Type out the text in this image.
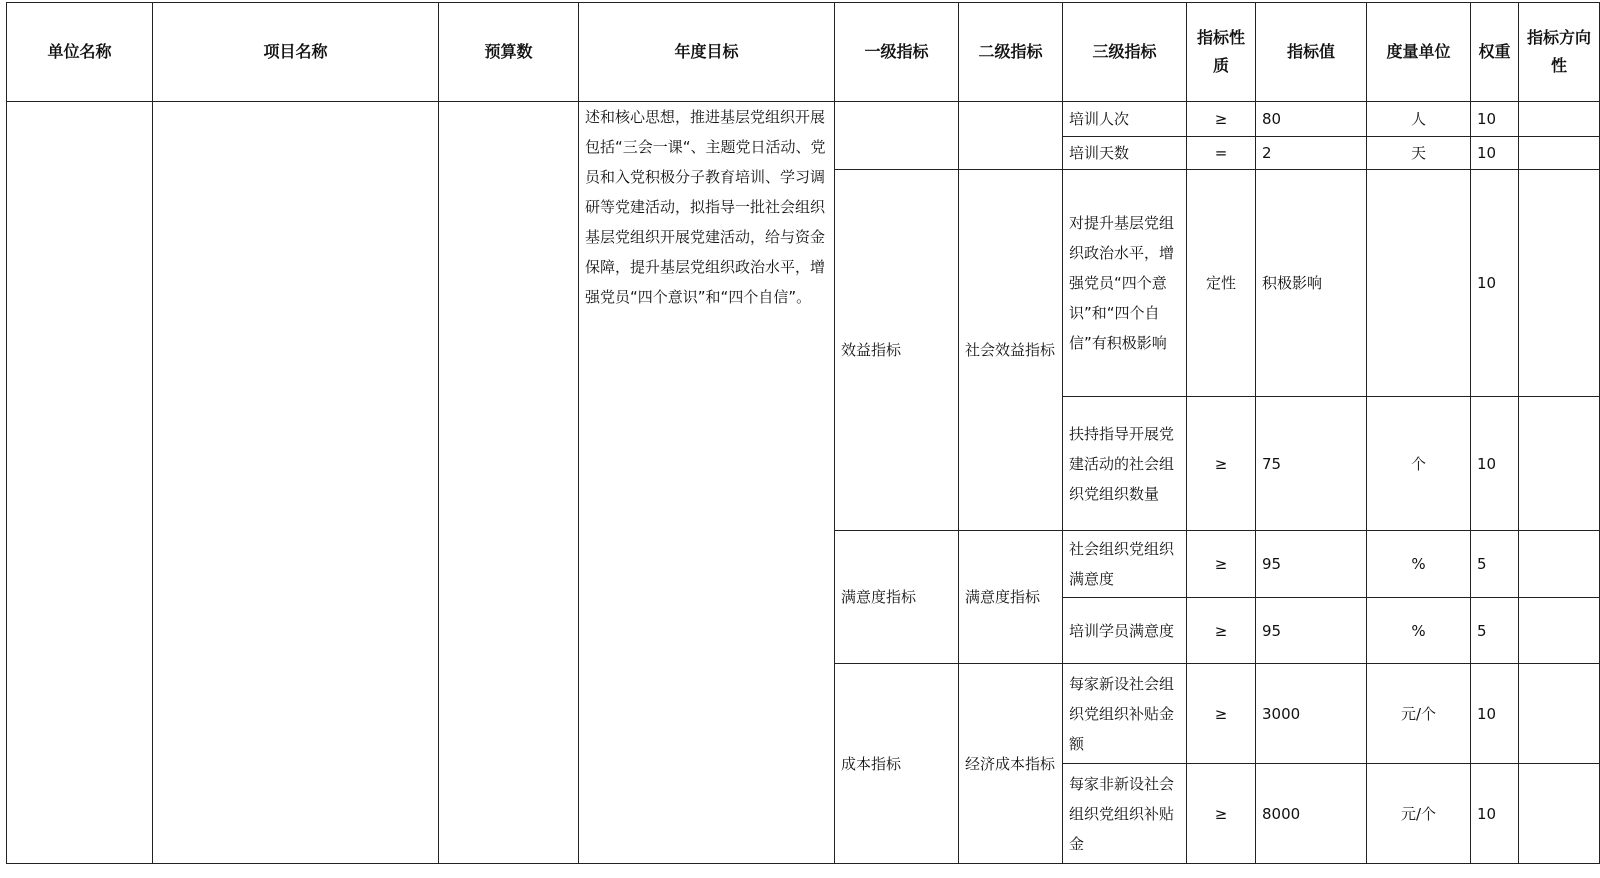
单位名称	项目名称	预算数	年度目标	一级指标	二级指标	三级指标	指标性质	指标值	度量单位	权重	指标方向性
			述和核心思想，推进基层党组织开展包括“三会一课“、主题党日活动、党员和入党积极分子教育培训、学习调研等党建活动，拟指导一批社会组织基层党组织开展党建活动，给与资金保障，提升基层党组织政治水平，增强党员“四个意识”和“四个自信”。			培训人次	≥	80	人	10	
						培训天数	=	2	天	10	
				效益指标	社会效益指标	对提升基层党组织政治水平，增强党员“四个意识”和“四个自信”有积极影响	定性	积极影响		10	
						扶持指导开展党建活动的社会组织党组织数量	≥	75	个	10	
				满意度指标	满意度指标	社会组织党组织满意度	≥	95	%	5	
						培训学员满意度	≥	95	%	5	
				成本指标	经济成本指标	每家新设社会组织党组织补贴金额	≥	3000	元/个	10	
						每家非新设社会组织党组织补贴金	≥	8000	元/个	10	
